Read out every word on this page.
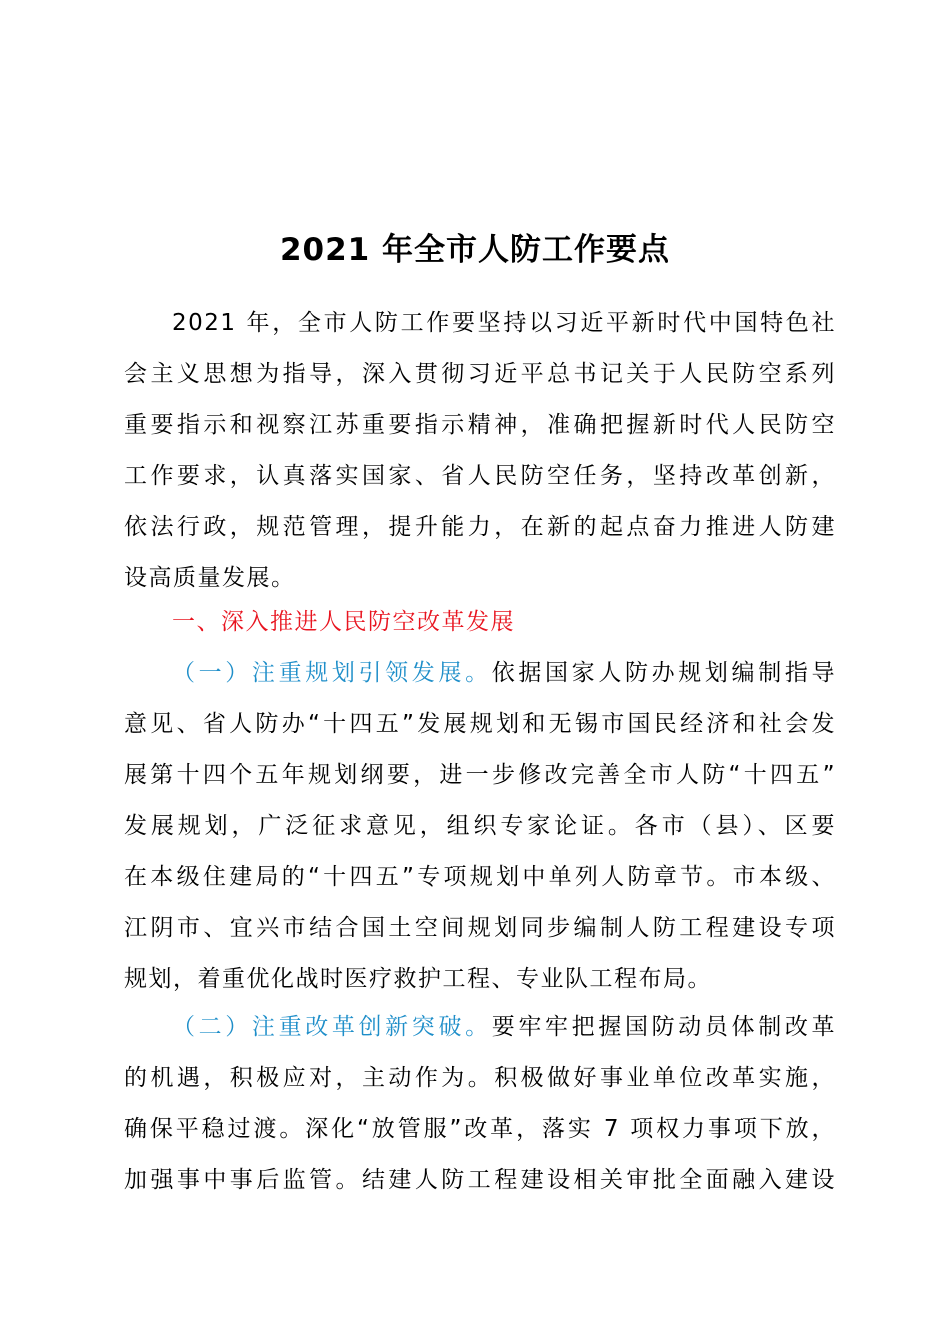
2021 年全市人防工作要点
2021 年，全市人防工作要坚持以习近平新时代中国特色社
会主义思想为指导，深入贯彻习近平总书记关于人民防空系列
重要指示和视察江苏重要指示精神，准确把握新时代人民防空
工作要求，认真落实国家、省人民防空任务，坚持改革创新，
依法行政，规范管理，提升能力，在新的起点奋力推进人防建
设高质量发展。
一、深入推进人民防空改革发展
（一）注重规划引领发展。依据国家人防办规划编制指导
意见、省人防办“十四五”发展规划和无锡市国民经济和社会发
展第十四个五年规划纲要，进一步修改完善全市人防“十四五”
发展规划，广泛征求意见，组织专家论证。各市（县）、区要
在本级住建局的“十四五”专项规划中单列人防章节。市本级、
江阴市、宜兴市结合国土空间规划同步编制人防工程建设专项
规划，着重优化战时医疗救护工程、专业队工程布局。
（二）注重改革创新突破。要牢牢把握国防动员体制改革
的机遇，积极应对，主动作为。积极做好事业单位改革实施，
确保平稳过渡。深化“放管服”改革，落实 7 项权力事项下放，
加强事中事后监管。结建人防工程建设相关审批全面融入建设
